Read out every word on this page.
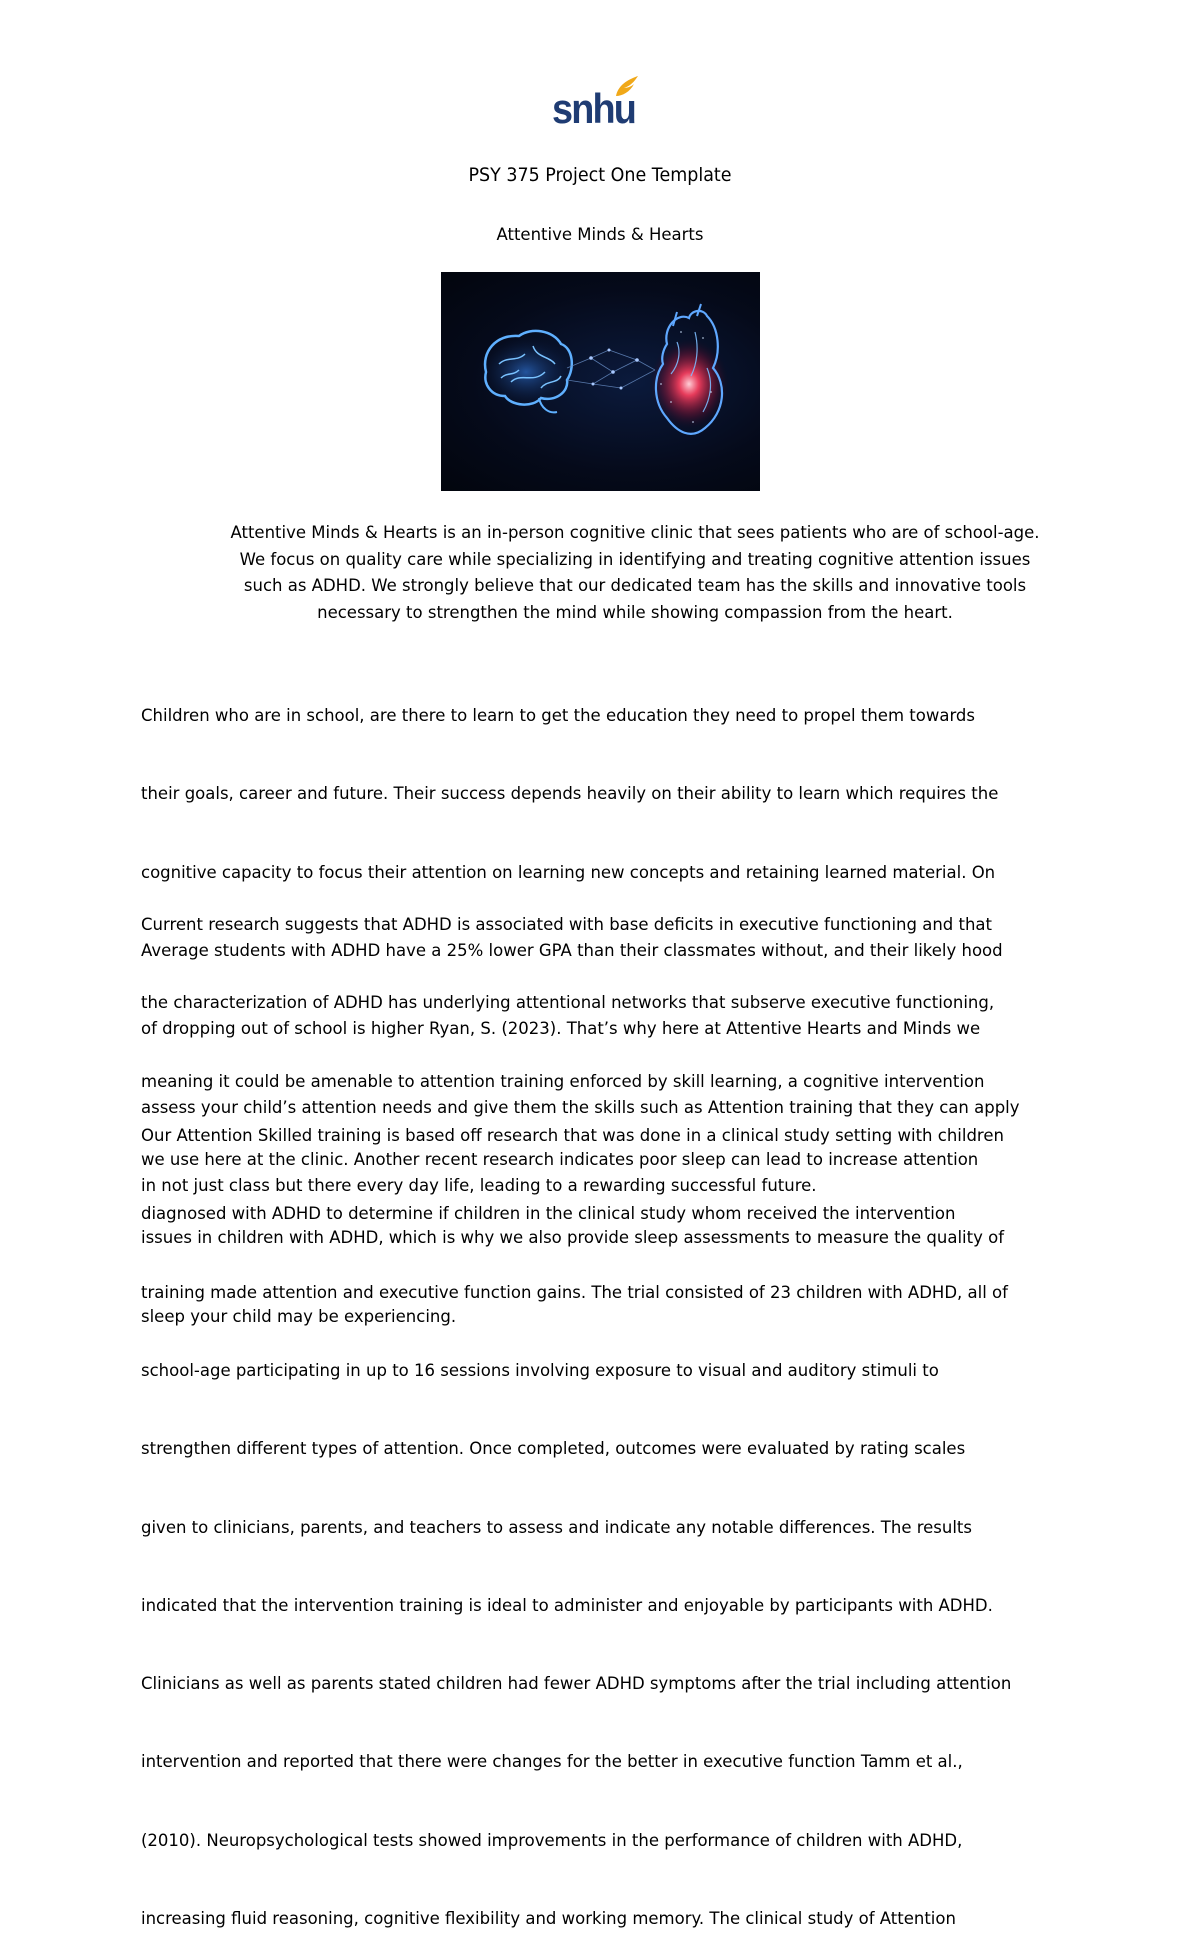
snhu
PSY 375 Project One Template
Attentive Minds & Hearts
Attentive Minds & Hearts is an in-person cognitive clinic that sees patients who are of school-age.
We focus on quality care while specializing in identifying and treating cognitive attention issues
such as ADHD. We strongly believe that our dedicated team has the skills and innovative tools
necessary to strengthen the mind while showing compassion from the heart.

Children who are in school, are there to learn to get the education they need to propel them towards

their goals, career and future. Their success depends heavily on their ability to learn which requires the

cognitive capacity to focus their attention on learning new concepts and retaining learned material. On

Average students with ADHD have a 25% lower GPA than their classmates without, and their likely hood

of dropping out of school is higher Ryan, S. (2023). That’s why here at Attentive Hearts and Minds we

assess your child’s attention needs and give them the skills such as Attention training that they can apply

in not just class but there every day life, leading to a rewarding successful future.

Current research suggests that ADHD is associated with base deficits in executive functioning and that

the characterization of ADHD has underlying attentional networks that subserve executive functioning,

meaning it could be amenable to attention training enforced by skill learning, a cognitive intervention

we use here at the clinic. Another recent research indicates poor sleep can lead to increase attention

issues in children with ADHD, which is why we also provide sleep assessments to measure the quality of

sleep your child may be experiencing.

Our Attention Skilled training is based off research that was done in a clinical study setting with children

diagnosed with ADHD to determine if children in the clinical study whom received the intervention

training made attention and executive function gains. The trial consisted of 23 children with ADHD, all of

school-age participating in up to 16 sessions involving exposure to visual and auditory stimuli to

strengthen different types of attention. Once completed, outcomes were evaluated by rating scales

given to clinicians, parents, and teachers to assess and indicate any notable differences. The results

indicated that the intervention training is ideal to administer and enjoyable by participants with ADHD.

Clinicians as well as parents stated children had fewer ADHD symptoms after the trial including attention

intervention and reported that there were changes for the better in executive function Tamm et al.,

(2010). Neuropsychological tests showed improvements in the performance of children with ADHD,

increasing fluid reasoning, cognitive flexibility and working memory. The clinical study of Attention
